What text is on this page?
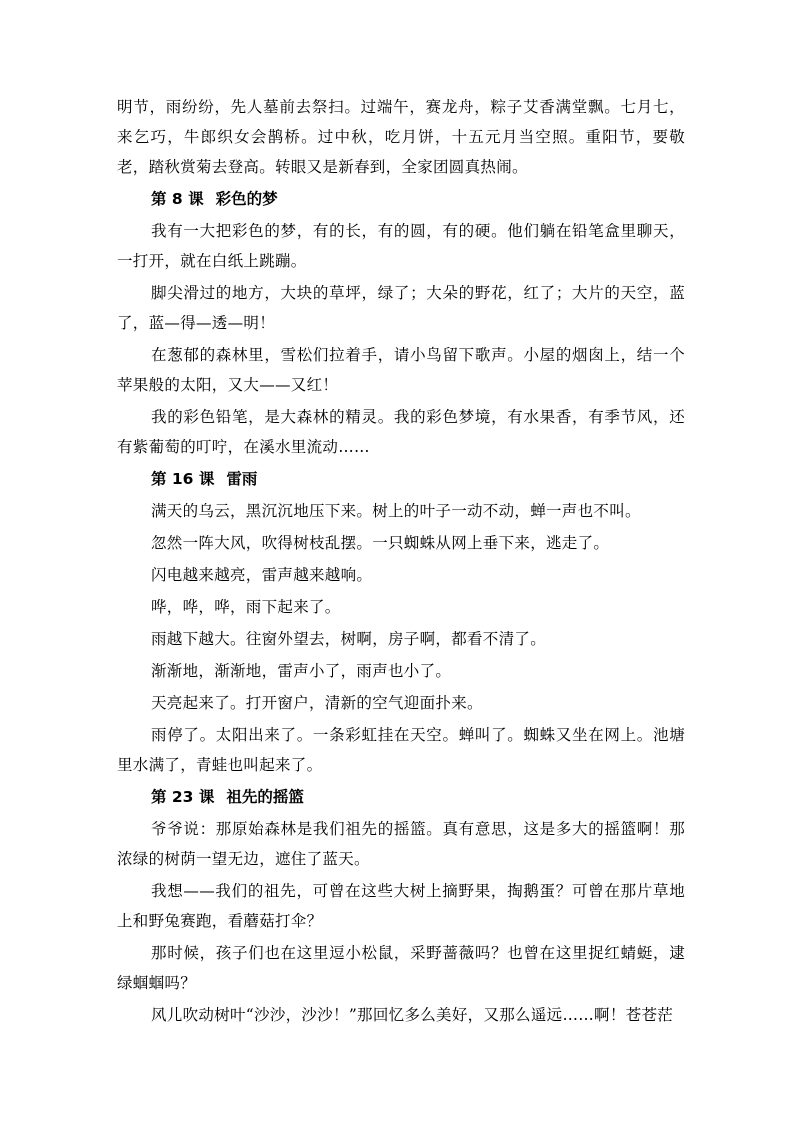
明节，雨纷纷，先人墓前去祭扫。过端午，赛龙舟，粽子艾香满堂飘。七月七，来乞巧，牛郎织女会鹊桥。过中秋，吃月饼，十五元月当空照。重阳节，要敬老，踏秋赏菊去登高。转眼又是新春到，全家团圆真热闹。

第 8 课 彩色的梦

我有一大把彩色的梦，有的长，有的圆，有的硬。他们躺在铅笔盒里聊天，一打开，就在白纸上跳蹦。

脚尖滑过的地方，大块的草坪，绿了；大朵的野花，红了；大片的天空，蓝了，蓝—得—透—明！

在葱郁的森林里，雪松们拉着手，请小鸟留下歌声。小屋的烟囱上，结一个苹果般的太阳，又大——又红！

我的彩色铅笔，是大森林的精灵。我的彩色梦境，有水果香，有季节风，还有紫葡萄的叮咛，在溪水里流动……

第 16 课 雷雨

满天的乌云，黑沉沉地压下来。树上的叶子一动不动，蝉一声也不叫。

忽然一阵大风，吹得树枝乱摆。一只蜘蛛从网上垂下来，逃走了。

闪电越来越亮，雷声越来越响。

哗，哗，哗，雨下起来了。

雨越下越大。往窗外望去，树啊，房子啊，都看不清了。

渐渐地，渐渐地，雷声小了，雨声也小了。

天亮起来了。打开窗户，清新的空气迎面扑来。

雨停了。太阳出来了。一条彩虹挂在天空。蝉叫了。蜘蛛又坐在网上。池塘里水满了，青蛙也叫起来了。

第 23 课 祖先的摇篮

爷爷说：那原始森林是我们祖先的摇篮。真有意思，这是多大的摇篮啊！那浓绿的树荫一望无边，遮住了蓝天。

我想——我们的祖先，可曾在这些大树上摘野果，掏鹅蛋？可曾在那片草地上和野兔赛跑，看蘑菇打伞？

那时候，孩子们也在这里逗小松鼠，采野蔷薇吗？也曾在这里捉红蜻蜓，逮绿蝈蝈吗？

风儿吹动树叶“沙沙，沙沙！”那回忆多么美好，又那么遥远……啊！苍苍茫
